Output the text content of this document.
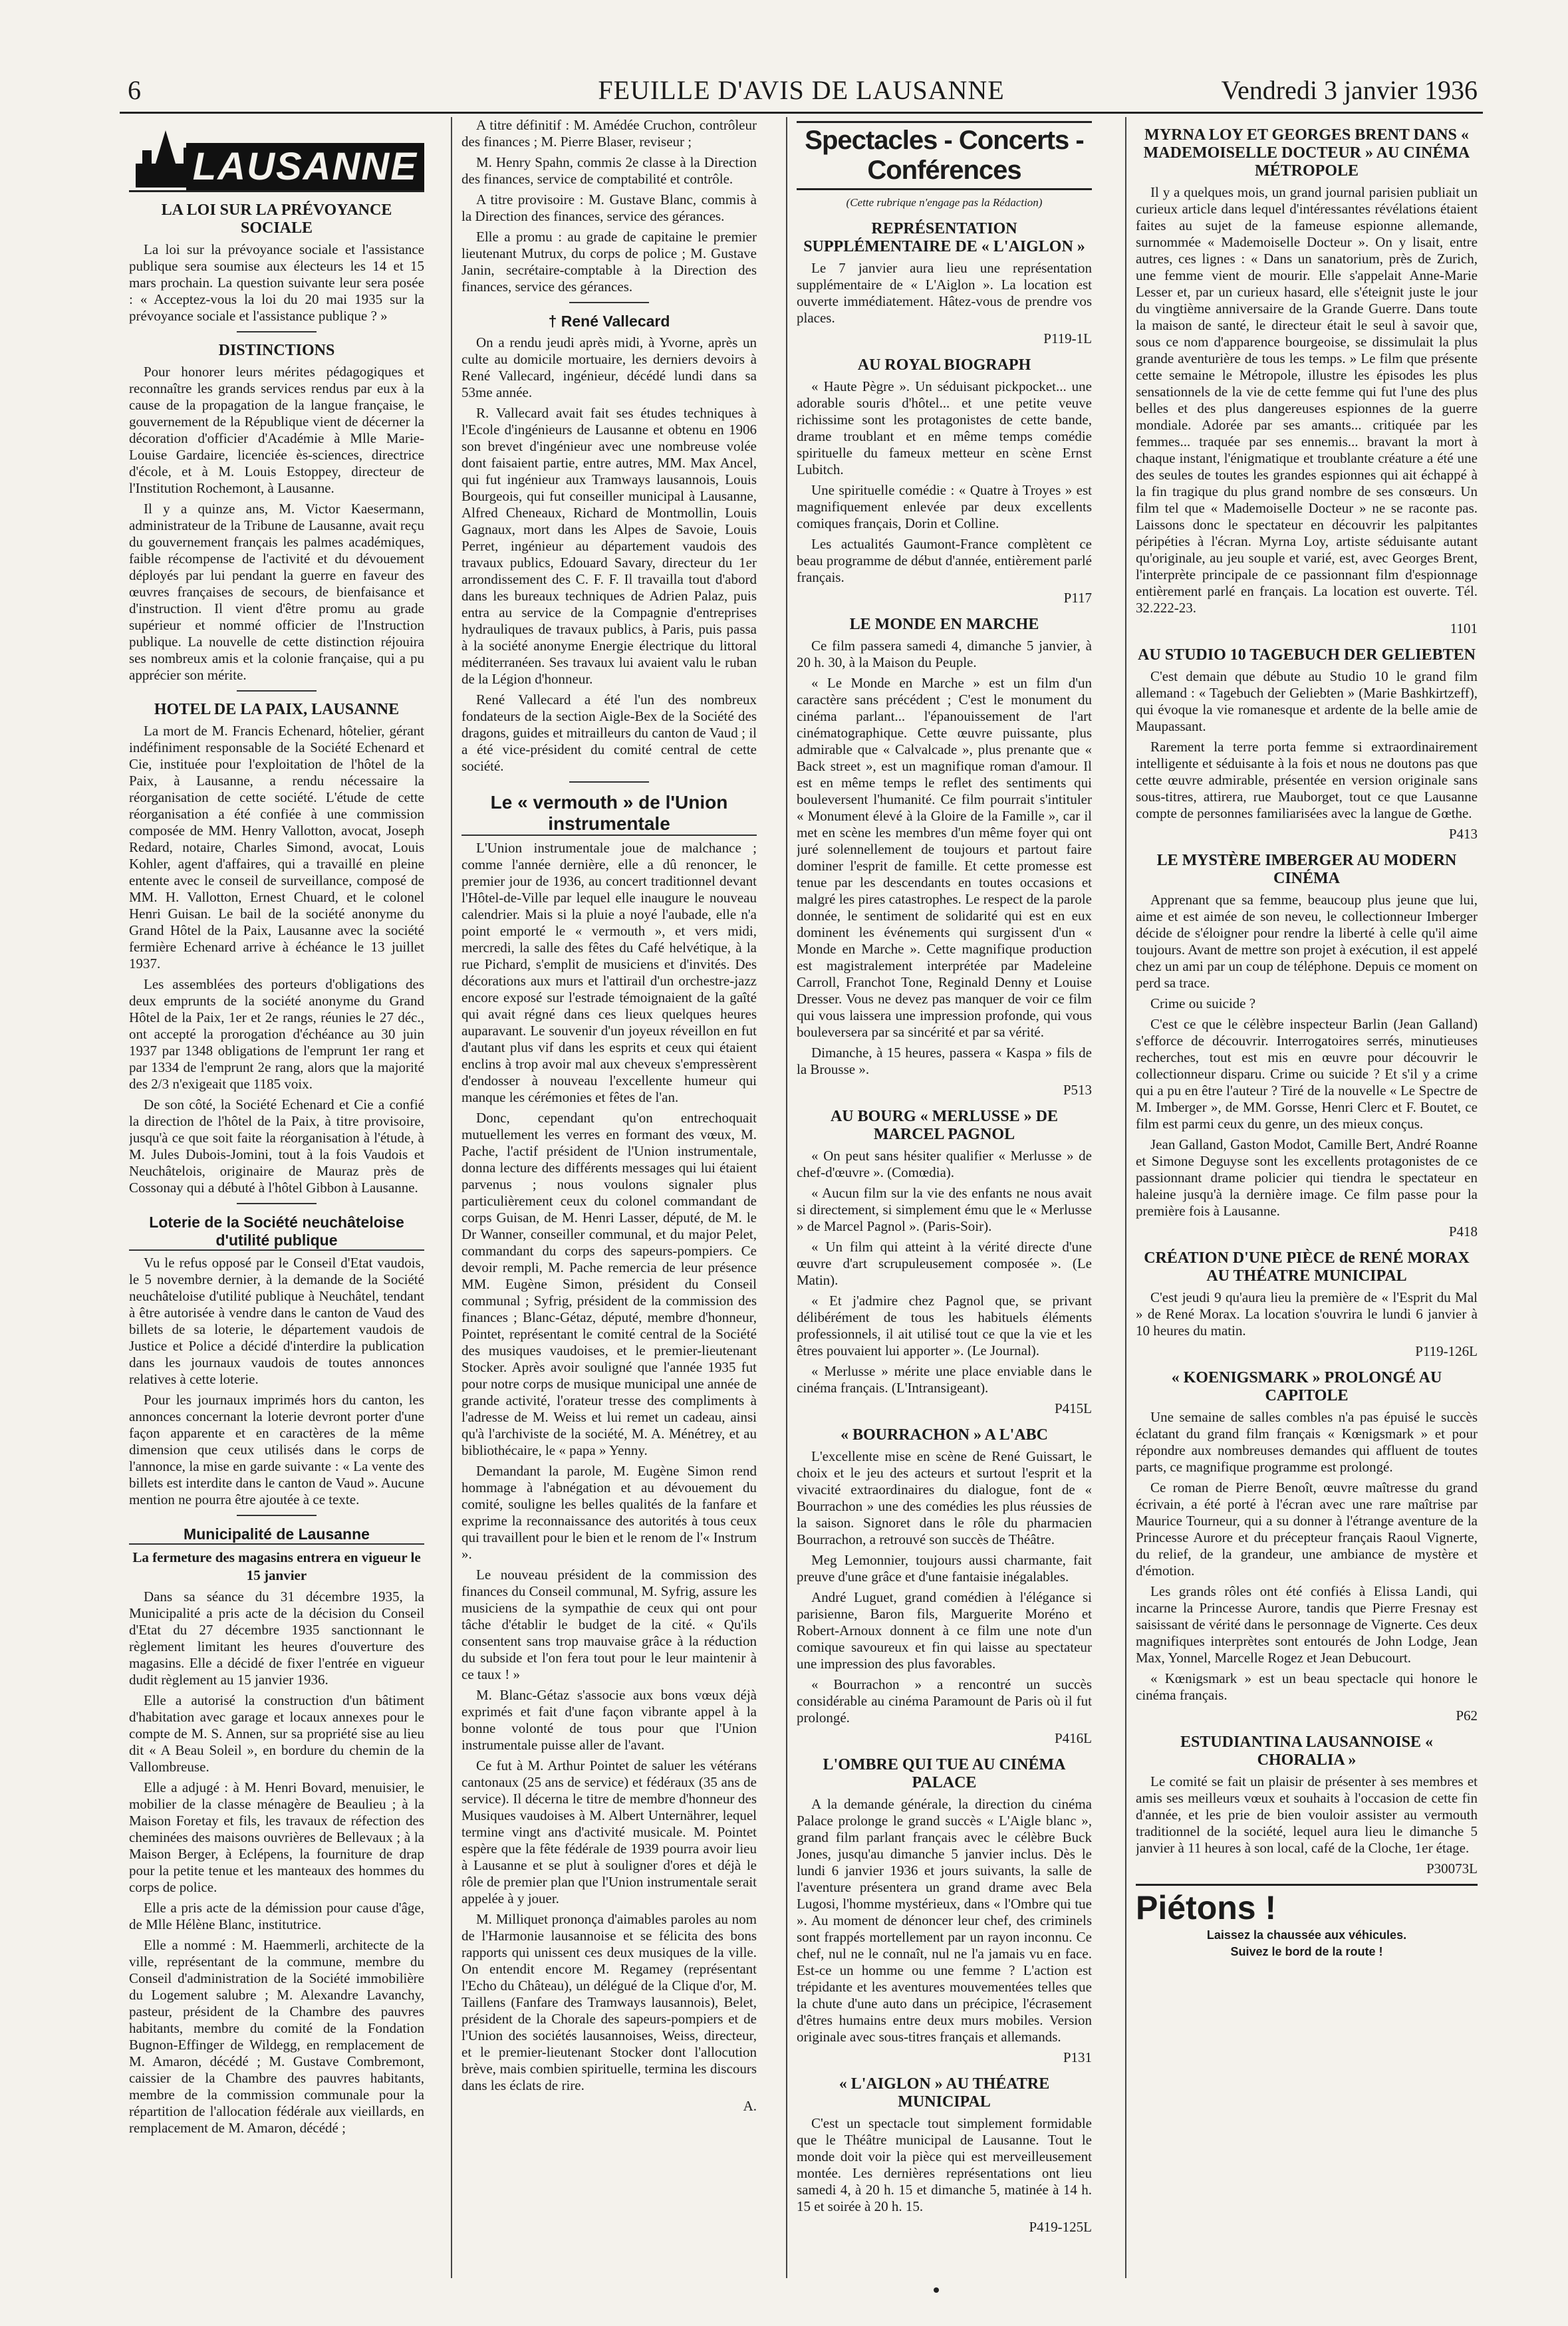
6	FEUILLE D'AVIS DE LAUSANNE	Vendredi 3 janvier 1936
LAUSANNE
LA LOI SUR LA PRÉVOYANCE SOCIALE

La loi sur la prévoyance sociale et l'assistance publique sera soumise aux électeurs les 14 et 15 mars prochain. La question suivante leur sera posée : « Acceptez-vous la loi du 20 mai 1935 sur la prévoyance sociale et l'assistance publique ? »

DISTINCTIONS

Pour honorer leurs mérites pédagogiques et reconnaître les grands services rendus par eux à la cause de la propagation de la langue française, le gouvernement de la République vient de décerner la décoration d'officier d'Académie à Mlle Marie-Louise Gardaire, licenciée ès-sciences, directrice d'école, et à M. Louis Estoppey, directeur de l'Institution Rochemont, à Lausanne.

Il y a quinze ans, M. Victor Kaesermann, administrateur de la Tribune de Lausanne, avait reçu du gouvernement français les palmes académiques, faible récompense de l'activité et du dévouement déployés par lui pendant la guerre en faveur des œuvres françaises de secours, de bienfaisance et d'instruction. Il vient d'être promu au grade supérieur et nommé officier de l'Instruction publique. La nouvelle de cette distinction réjouira ses nombreux amis et la colonie française, qui a pu apprécier son mérite.

HOTEL DE LA PAIX, LAUSANNE

La mort de M. Francis Echenard, hôtelier, gérant indéfiniment responsable de la Société Echenard et Cie, instituée pour l'exploitation de l'hôtel de la Paix, à Lausanne, a rendu nécessaire la réorganisation de cette société. L'étude de cette réorganisation a été confiée à une commission composée de MM. Henry Vallotton, avocat, Joseph Redard, notaire, Charles Simond, avocat, Louis Kohler, agent d'affaires, qui a travaillé en pleine entente avec le conseil de surveillance, composé de MM. H. Vallotton, Ernest Chuard, et le colonel Henri Guisan. Le bail de la société anonyme du Grand Hôtel de la Paix, Lausanne avec la société fermière Echenard arrive à échéance le 13 juillet 1937.

Les assemblées des porteurs d'obligations des deux emprunts de la société anonyme du Grand Hôtel de la Paix, 1er et 2e rangs, réunies le 27 déc., ont accepté la prorogation d'échéance au 30 juin 1937 par 1348 obligations de l'emprunt 1er rang et par 1334 de l'emprunt 2e rang, alors que la majorité des 2/3 n'exigeait que 1185 voix.

De son côté, la Société Echenard et Cie a confié la direction de l'hôtel de la Paix, à titre provisoire, jusqu'à ce que soit faite la réorganisation à l'étude, à M. Jules Dubois-Jomini, tout à la fois Vaudois et Neuchâtelois, originaire de Mauraz près de Cossonay qui a débuté à l'hôtel Gibbon à Lausanne.

Loterie de la Société neuchâteloise d'utilité publique

Vu le refus opposé par le Conseil d'Etat vaudois, le 5 novembre dernier, à la demande de la Société neuchâteloise d'utilité publique à Neuchâtel, tendant à être autorisée à vendre dans le canton de Vaud des billets de sa loterie, le département vaudois de Justice et Police a décidé d'interdire la publication dans les journaux vaudois de toutes annonces relatives à cette loterie.

Pour les journaux imprimés hors du canton, les annonces concernant la loterie devront porter d'une façon apparente et en caractères de la même dimension que ceux utilisés dans le corps de l'annonce, la mise en garde suivante : « La vente des billets est interdite dans le canton de Vaud ». Aucune mention ne pourra être ajoutée à ce texte.

Municipalité de Lausanne
La fermeture des magasins entrera en vigueur le 15 janvier

Dans sa séance du 31 décembre 1935, la Municipalité a pris acte de la décision du Conseil d'Etat du 27 décembre 1935 sanctionnant le règlement limitant les heures d'ouverture des magasins. Elle a décidé de fixer l'entrée en vigueur dudit règlement au 15 janvier 1936.

Elle a autorisé la construction d'un bâtiment d'habitation avec garage et locaux annexes pour le compte de M. S. Annen, sur sa propriété sise au lieu dit « A Beau Soleil », en bordure du chemin de la Vallombreuse.

Elle a adjugé : à M. Henri Bovard, menuisier, le mobilier de la classe ménagère de Beaulieu ; à la Maison Foretay et fils, les travaux de réfection des cheminées des maisons ouvrières de Bellevaux ; à la Maison Berger, à Eclépens, la fourniture de drap pour la petite tenue et les manteaux des hommes du corps de police.

Elle a pris acte de la démission pour cause d'âge, de Mlle Hélène Blanc, institutrice.

Elle a nommé : M. Haemmerli, architecte de la ville, représentant de la commune, membre du Conseil d'administration de la Société immobilière du Logement salubre ; M. Alexandre Lavanchy, pasteur, président de la Chambre des pauvres habitants, membre du comité de la Fondation Bugnon-Effinger de Wildegg, en remplacement de M. Amaron, décédé ; M. Gustave Combremont, caissier de la Chambre des pauvres habitants, membre de la commission communale pour la répartition de l'allocation fédérale aux vieillards, en remplacement de M. Amaron, décédé ;

A titre définitif : M. Amédée Cruchon, contrôleur des finances ; M. Pierre Blaser, reviseur ;

M. Henry Spahn, commis 2e classe à la Direction des finances, service de comptabilité et contrôle.

A titre provisoire : M. Gustave Blanc, commis à la Direction des finances, service des gérances.

Elle a promu : au grade de capitaine le premier lieutenant Mutrux, du corps de police ; M. Gustave Janin, secrétaire-comptable à la Direction des finances, service des gérances.

† René Vallecard

On a rendu jeudi après midi, à Yvorne, après un culte au domicile mortuaire, les derniers devoirs à René Vallecard, ingénieur, décédé lundi dans sa 53me année.

R. Vallecard avait fait ses études techniques à l'Ecole d'ingénieurs de Lausanne et obtenu en 1906 son brevet d'ingénieur avec une nombreuse volée dont faisaient partie, entre autres, MM. Max Ancel, qui fut ingénieur aux Tramways lausannois, Louis Bourgeois, qui fut conseiller municipal à Lausanne, Alfred Cheneaux, Richard de Montmollin, Louis Gagnaux, mort dans les Alpes de Savoie, Louis Perret, ingénieur au département vaudois des travaux publics, Edouard Savary, directeur du 1er arrondissement des C. F. F. Il travailla tout d'abord dans les bureaux techniques de Adrien Palaz, puis entra au service de la Compagnie d'entreprises hydrauliques de travaux publics, à Paris, puis passa à la société anonyme Energie électrique du littoral méditerranéen. Ses travaux lui avaient valu le ruban de la Légion d'honneur.

René Vallecard a été l'un des nombreux fondateurs de la section Aigle-Bex de la Société des dragons, guides et mitrailleurs du canton de Vaud ; il a été vice-président du comité central de cette société.

Le « vermouth » de l'Union instrumentale

L'Union instrumentale joue de malchance ; comme l'année dernière, elle a dû renoncer, le premier jour de 1936, au concert traditionnel devant l'Hôtel-de-Ville par lequel elle inaugure le nouveau calendrier. Mais si la pluie a noyé l'aubade, elle n'a point emporté le « vermouth », et vers midi, mercredi, la salle des fêtes du Café helvétique, à la rue Pichard, s'emplit de musiciens et d'invités. Des décorations aux murs et l'attirail d'un orchestre-jazz encore exposé sur l'estrade témoignaient de la gaîté qui avait régné dans ces lieux quelques heures auparavant. Le souvenir d'un joyeux réveillon en fut d'autant plus vif dans les esprits et ceux qui étaient enclins à trop avoir mal aux cheveux s'empressèrent d'endosser à nouveau l'excellente humeur qui manque les cérémonies et fêtes de l'an.

Donc, cependant qu'on entrechoquait mutuellement les verres en formant des vœux, M. Pache, l'actif président de l'Union instrumentale, donna lecture des différents messages qui lui étaient parvenus ; nous voulons signaler plus particulièrement ceux du colonel commandant de corps Guisan, de M. Henri Lasser, député, de M. le Dr Wanner, conseiller communal, et du major Pelet, commandant du corps des sapeurs-pompiers. Ce devoir rempli, M. Pache remercia de leur présence MM. Eugène Simon, président du Conseil communal ; Syfrig, président de la commission des finances ; Blanc-Gétaz, député, membre d'honneur, Pointet, représentant le comité central de la Société des musiques vaudoises, et le premier-lieutenant Stocker. Après avoir souligné que l'année 1935 fut pour notre corps de musique municipal une année de grande activité, l'orateur tresse des compliments à l'adresse de M. Weiss et lui remet un cadeau, ainsi qu'à l'archiviste de la société, M. A. Ménétrey, et au bibliothécaire, le « papa » Yenny.

Demandant la parole, M. Eugène Simon rend hommage à l'abnégation et au dévouement du comité, souligne les belles qualités de la fanfare et exprime la reconnaissance des autorités à tous ceux qui travaillent pour le bien et le renom de l'« Instrum ».

Le nouveau président de la commission des finances du Conseil communal, M. Syfrig, assure les musiciens de la sympathie de ceux qui ont pour tâche d'établir le budget de la cité. « Qu'ils consentent sans trop mauvaise grâce à la réduction du subside et l'on fera tout pour le leur maintenir à ce taux ! »

M. Blanc-Gétaz s'associe aux bons vœux déjà exprimés et fait d'une façon vibrante appel à la bonne volonté de tous pour que l'Union instrumentale puisse aller de l'avant.

Ce fut à M. Arthur Pointet de saluer les vétérans cantonaux (25 ans de service) et fédéraux (35 ans de service). Il décerna le titre de membre d'honneur des Musiques vaudoises à M. Albert Unternährer, lequel termine vingt ans d'activité musicale. M. Pointet espère que la fête fédérale de 1939 pourra avoir lieu à Lausanne et se plut à souligner d'ores et déjà le rôle de premier plan que l'Union instrumentale serait appelée à y jouer.

M. Milliquet prononça d'aimables paroles au nom de l'Harmonie lausannoise et se félicita des bons rapports qui unissent ces deux musiques de la ville. On entendit encore M. Regamey (représentant l'Echo du Château), un délégué de la Clique d'or, M. Taillens (Fanfare des Tramways lausannois), Belet, président de la Chorale des sapeurs-pompiers et de l'Union des sociétés lausannoises, Weiss, directeur, et le premier-lieutenant Stocker dont l'allocution brève, mais combien spirituelle, termina les discours dans les éclats de rire.

A.

Spectacles - Concerts - Conférences

(Cette rubrique n'engage pas la Rédaction)

REPRÉSENTATION SUPPLÉMENTAIRE DE « L'AIGLON »

Le 7 janvier aura lieu une représentation supplémentaire de « L'Aiglon ». La location est ouverte immédiatement. Hâtez-vous de prendre vos places.

P119-1L

AU ROYAL BIOGRAPH

« Haute Pègre ». Un séduisant pickpocket... une adorable souris d'hôtel... et une petite veuve richissime sont les protagonistes de cette bande, drame troublant et en même temps comédie spirituelle du fameux metteur en scène Ernst Lubitch.

Une spirituelle comédie : « Quatre à Troyes » est magnifiquement enlevée par deux excellents comiques français, Dorin et Colline.

Les actualités Gaumont-France complètent ce beau programme de début d'année, entièrement parlé français.

P117

LE MONDE EN MARCHE

Ce film passera samedi 4, dimanche 5 janvier, à 20 h. 30, à la Maison du Peuple.

« Le Monde en Marche » est un film d'un caractère sans précédent ; C'est le monument du cinéma parlant... l'épanouissement de l'art cinématographique. Cette œuvre puissante, plus admirable que « Calvalcade », plus prenante que « Back street », est un magnifique roman d'amour. Il est en même temps le reflet des sentiments qui bouleversent l'humanité. Ce film pourrait s'intituler « Monument élevé à la Gloire de la Famille », car il met en scène les membres d'un même foyer qui ont juré solennellement de toujours et partout faire dominer l'esprit de famille. Et cette promesse est tenue par les descendants en toutes occasions et malgré les pires catastrophes. Le respect de la parole donnée, le sentiment de solidarité qui est en eux dominent les événements qui surgissent d'un « Monde en Marche ». Cette magnifique production est magistralement interprétée par Madeleine Carroll, Franchot Tone, Reginald Denny et Louise Dresser. Vous ne devez pas manquer de voir ce film qui vous laissera une impression profonde, qui vous bouleversera par sa sincérité et par sa vérité.

Dimanche, à 15 heures, passera « Kaspa » fils de la Brousse ».

P513

AU BOURG « MERLUSSE » DE MARCEL PAGNOL

« On peut sans hésiter qualifier « Merlusse » de chef-d'œuvre ». (Comœdia).

« Aucun film sur la vie des enfants ne nous avait si directement, si simplement ému que le « Merlusse » de Marcel Pagnol ». (Paris-Soir).

« Un film qui atteint à la vérité directe d'une œuvre d'art scrupuleusement composée ». (Le Matin).

« Et j'admire chez Pagnol que, se privant délibérément de tous les habituels éléments professionnels, il ait utilisé tout ce que la vie et les êtres pouvaient lui apporter ». (Le Journal).

« Merlusse » mérite une place enviable dans le cinéma français. (L'Intransigeant).

P415L

« BOURRACHON » A L'ABC

L'excellente mise en scène de René Guissart, le choix et le jeu des acteurs et surtout l'esprit et la vivacité extraordinaires du dialogue, font de « Bourrachon » une des comédies les plus réussies de la saison. Signoret dans le rôle du pharmacien Bourrachon, a retrouvé son succès de Théâtre.

Meg Lemonnier, toujours aussi charmante, fait preuve d'une grâce et d'une fantaisie inégalables.

André Luguet, grand comédien à l'élégance si parisienne, Baron fils, Marguerite Moréno et Robert-Arnoux donnent à ce film une note d'un comique savoureux et fin qui laisse au spectateur une impression des plus favorables.

« Bourrachon » a rencontré un succès considérable au cinéma Paramount de Paris où il fut prolongé.

P416L

L'OMBRE QUI TUE AU CINÉMA PALACE

A la demande générale, la direction du cinéma Palace prolonge le grand succès « L'Aigle blanc », grand film parlant français avec le célèbre Buck Jones, jusqu'au dimanche 5 janvier inclus. Dès le lundi 6 janvier 1936 et jours suivants, la salle de l'aventure présentera un grand drame avec Bela Lugosi, l'homme mystérieux, dans « l'Ombre qui tue ». Au moment de dénoncer leur chef, des criminels sont frappés mortellement par un rayon inconnu. Ce chef, nul ne le connaît, nul ne l'a jamais vu en face. Est-ce un homme ou une femme ? L'action est trépidante et les aventures mouvementées telles que la chute d'une auto dans un précipice, l'écrasement d'êtres humains entre deux murs mobiles. Version originale avec sous-titres français et allemands.

P131

« L'AIGLON » AU THÉATRE MUNICIPAL

C'est un spectacle tout simplement formidable que le Théâtre municipal de Lausanne. Tout le monde doit voir la pièce qui est merveilleusement montée. Les dernières représentations ont lieu samedi 4, à 20 h. 15 et dimanche 5, matinée à 14 h. 15 et soirée à 20 h. 15.

P419-125L

MYRNA LOY ET GEORGES BRENT DANS « MADEMOISELLE DOCTEUR » AU CINÉMA MÉTROPOLE

Il y a quelques mois, un grand journal parisien publiait un curieux article dans lequel d'intéressantes révélations étaient faites au sujet de la fameuse espionne allemande, surnommée « Mademoiselle Docteur ». On y lisait, entre autres, ces lignes : « Dans un sanatorium, près de Zurich, une femme vient de mourir. Elle s'appelait Anne-Marie Lesser et, par un curieux hasard, elle s'éteignit juste le jour du vingtième anniversaire de la Grande Guerre. Dans toute la maison de santé, le directeur était le seul à savoir que, sous ce nom d'apparence bourgeoise, se dissimulait la plus grande aventurière de tous les temps. » Le film que présente cette semaine le Métropole, illustre les épisodes les plus sensationnels de la vie de cette femme qui fut l'une des plus belles et des plus dangereuses espionnes de la guerre mondiale. Adorée par ses amants... critiquée par les femmes... traquée par ses ennemis... bravant la mort à chaque instant, l'énigmatique et troublante créature a été une des seules de toutes les grandes espionnes qui ait échappé à la fin tragique du plus grand nombre de ses consœurs. Un film tel que « Mademoiselle Docteur » ne se raconte pas. Laissons donc le spectateur en découvrir les palpitantes péripéties à l'écran. Myrna Loy, artiste séduisante autant qu'originale, au jeu souple et varié, est, avec Georges Brent, l'interprète principale de ce passionnant film d'espionnage entièrement parlé en français. La location est ouverte. Tél. 32.222-23.

1101

AU STUDIO 10 TAGEBUCH DER GELIEBTEN

C'est demain que débute au Studio 10 le grand film allemand : « Tagebuch der Geliebten » (Marie Bashkirtzeff), qui évoque la vie romanesque et ardente de la belle amie de Maupassant.

Rarement la terre porta femme si extraordinairement intelligente et séduisante à la fois et nous ne doutons pas que cette œuvre admirable, présentée en version originale sans sous-titres, attirera, rue Mauborget, tout ce que Lausanne compte de personnes familiarisées avec la langue de Gœthe.

P413

LE MYSTÈRE IMBERGER AU MODERN CINÉMA

Apprenant que sa femme, beaucoup plus jeune que lui, aime et est aimée de son neveu, le collectionneur Imberger décide de s'éloigner pour rendre la liberté à celle qu'il aime toujours. Avant de mettre son projet à exécution, il est appelé chez un ami par un coup de téléphone. Depuis ce moment on perd sa trace.

Crime ou suicide ?

C'est ce que le célèbre inspecteur Barlin (Jean Galland) s'efforce de découvrir. Interrogatoires serrés, minutieuses recherches, tout est mis en œuvre pour découvrir le collectionneur disparu. Crime ou suicide ? Et s'il y a crime qui a pu en être l'auteur ? Tiré de la nouvelle « Le Spectre de M. Imberger », de MM. Gorsse, Henri Clerc et F. Boutet, ce film est parmi ceux du genre, un des mieux conçus.

Jean Galland, Gaston Modot, Camille Bert, André Roanne et Simone Deguyse sont les excellents protagonistes de ce passionnant drame policier qui tiendra le spectateur en haleine jusqu'à la dernière image. Ce film passe pour la première fois à Lausanne.

P418

CRÉATION D'UNE PIÈCE de RENÉ MORAX AU THÉATRE MUNICIPAL

C'est jeudi 9 qu'aura lieu la première de « l'Esprit du Mal » de René Morax. La location s'ouvrira le lundi 6 janvier à 10 heures du matin.

P119-126L

« KOENIGSMARK » PROLONGÉ AU CAPITOLE

Une semaine de salles combles n'a pas épuisé le succès éclatant du grand film français « Kœnigsmark » et pour répondre aux nombreuses demandes qui affluent de toutes parts, ce magnifique programme est prolongé.

Ce roman de Pierre Benoît, œuvre maîtresse du grand écrivain, a été porté à l'écran avec une rare maîtrise par Maurice Tourneur, qui a su donner à l'étrange aventure de la Princesse Aurore et du précepteur français Raoul Vignerte, du relief, de la grandeur, une ambiance de mystère et d'émotion.

Les grands rôles ont été confiés à Elissa Landi, qui incarne la Princesse Aurore, tandis que Pierre Fresnay est saisissant de vérité dans le personnage de Vignerte. Ces deux magnifiques interprètes sont entourés de John Lodge, Jean Max, Yonnel, Marcelle Rogez et Jean Debucourt.

« Kœnigsmark » est un beau spectacle qui honore le cinéma français.

P62

ESTUDIANTINA LAUSANNOISE « CHORALIA »

Le comité se fait un plaisir de présenter à ses membres et amis ses meilleurs vœux et souhaits à l'occasion de cette fin d'année, et les prie de bien vouloir assister au vermouth traditionnel de la société, lequel aura lieu le dimanche 5 janvier à 11 heures à son local, café de la Cloche, 1er étage.

P30073L

Piétons !

Laissez la chaussée aux véhicules.

Suivez le bord de la route !
